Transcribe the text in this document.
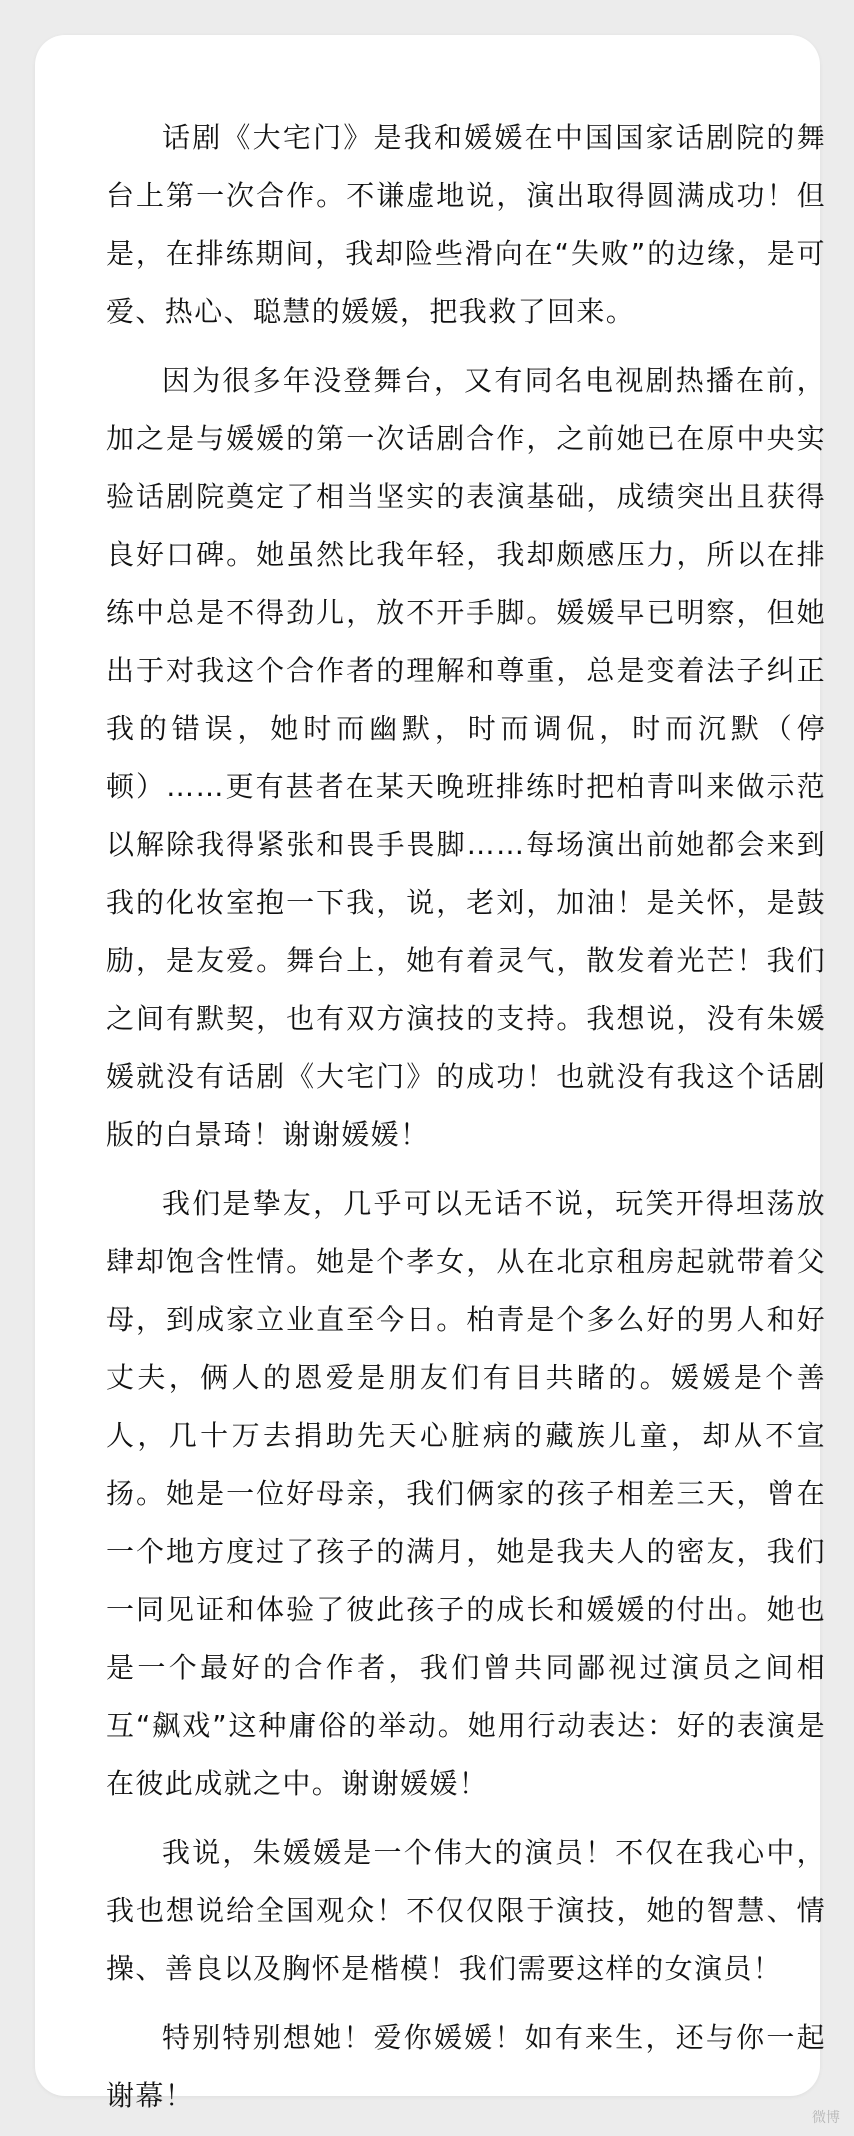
话剧《大宅门》是我和媛媛在中国国家话剧院的舞台上第一次合作。不谦虚地说，演出取得圆满成功！但是，在排练期间，我却险些滑向在“失败”的边缘，是可爱、热心、聪慧的媛媛，把我救了回来。

因为很多年没登舞台，又有同名电视剧热播在前，加之是与媛媛的第一次话剧合作，之前她已在原中央实验话剧院奠定了相当坚实的表演基础，成绩突出且获得良好口碑。她虽然比我年轻，我却颇感压力，所以在排练中总是不得劲儿，放不开手脚。媛媛早已明察，但她出于对我这个合作者的理解和尊重，总是变着法子纠正我的错误，她时而幽默，时而调侃，时而沉默（停顿）……更有甚者在某天晚班排练时把柏青叫来做示范以解除我得紧张和畏手畏脚……每场演出前她都会来到我的化妆室抱一下我，说，老刘，加油！是关怀，是鼓励，是友爱。舞台上，她有着灵气，散发着光芒！我们之间有默契，也有双方演技的支持。我想说，没有朱媛媛就没有话剧《大宅门》的成功！也就没有我这个话剧版的白景琦！谢谢媛媛！

我们是挚友，几乎可以无话不说，玩笑开得坦荡放肆却饱含性情。她是个孝女，从在北京租房起就带着父母，到成家立业直至今日。柏青是个多么好的男人和好丈夫，俩人的恩爱是朋友们有目共睹的。媛媛是个善人，几十万去捐助先天心脏病的藏族儿童，却从不宣扬。她是一位好母亲，我们俩家的孩子相差三天，曾在一个地方度过了孩子的满月，她是我夫人的密友，我们一同见证和体验了彼此孩子的成长和媛媛的付出。她也是一个最好的合作者，我们曾共同鄙视过演员之间相互“飙戏”这种庸俗的举动。她用行动表达：好的表演是在彼此成就之中。谢谢媛媛！

我说，朱媛媛是一个伟大的演员！不仅在我心中，我也想说给全国观众！不仅仅限于演技，她的智慧、情操、善良以及胸怀是楷模！我们需要这样的女演员！

特别特别想她！爱你媛媛！如有来生，还与你一起谢幕！

微博
